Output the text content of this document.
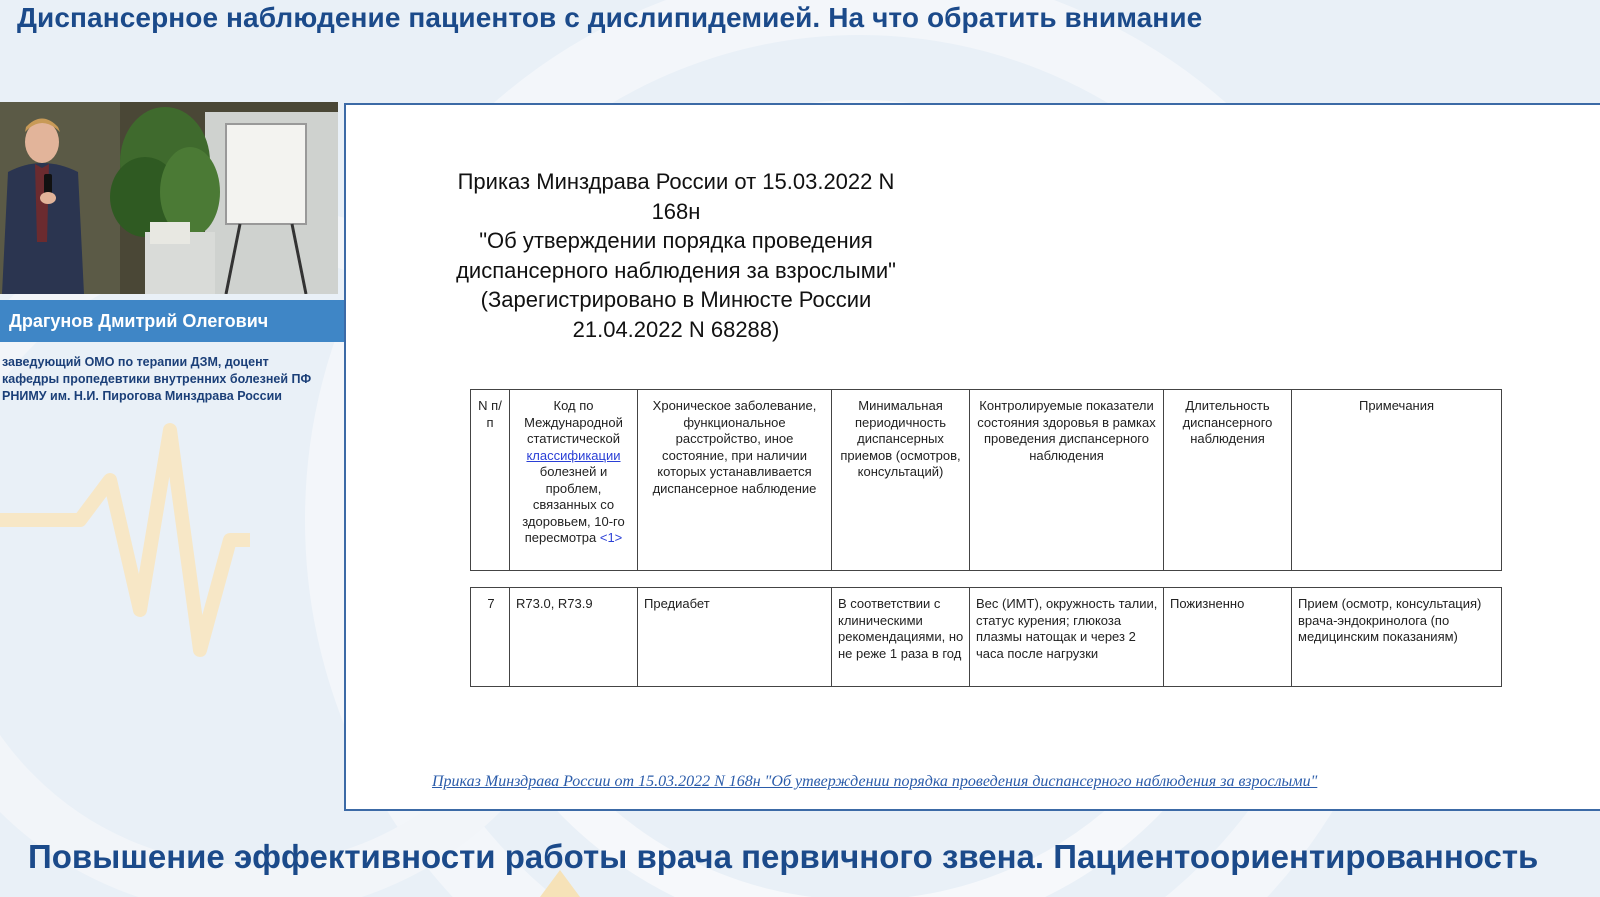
Диспансерное наблюдение пациентов с дислипидемией. На что обратить внимание
Драгунов Дмитрий Олегович
заведующий ОМО по терапии ДЗМ, доцент
кафедры пропедевтики внутренних болезней ПФ
РНИМУ им. Н.И. Пирогова Минздрава России
Приказ Минздрава России от 15.03.2022 N
168н
"Об утверждении порядка проведения
диспансерного наблюдения за взрослыми"
(Зарегистрировано в Минюсте России
21.04.2022 N 68288)
N п/п	Код по Международной статистической классификации болезней и проблем, связанных со здоровьем, 10-го пересмотра <1>	Хроническое заболевание, функциональное расстройство, иное состояние, при наличии которых устанавливается диспансерное наблюдение	Минимальная периодичность диспансерных приемов (осмотров, консультаций)	Контролируемые показатели состояния здоровья в рамках проведения диспансерного наблюдения	Длительность диспансерного наблюдения	Примечания
7	R73.0, R73.9	Предиабет	В соответствии с клиническими рекомендациями, но не реже 1 раза в год	Вес (ИМТ), окружность талии, статус курения; глюкоза плазмы натощак и через 2 часа после нагрузки	Пожизненно	Прием (осмотр, консультация) врача-эндокринолога (по медицинским показаниям)
Приказ Минздрава России от 15.03.2022 N 168н "Об утверждении порядка проведения диспансерного наблюдения за взрослыми"
Повышение эффективности работы врача первичного звена. Пациентоориентированность
